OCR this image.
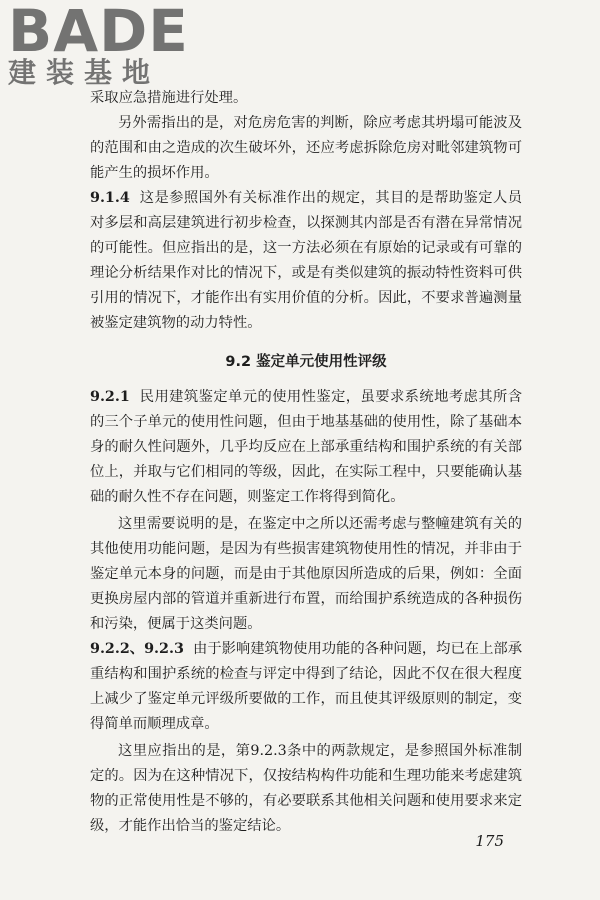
BADE
建装基地

采取应急措施进行处理。

另外需指出的是，对危房危害的判断，除应考虑其坍塌可能波及的范围和由之造成的次生破坏外，还应考虑拆除危房对毗邻建筑物可能产生的损坏作用。

9.1.4 这是参照国外有关标准作出的规定，其目的是帮助鉴定人员对多层和高层建筑进行初步检查，以探测其内部是否有潜在异常情况的可能性。但应指出的是，这一方法必须在有原始的记录或有可靠的理论分析结果作对比的情况下，或是有类似建筑的振动特性资料可供引用的情况下，才能作出有实用价值的分析。因此，不要求普遍测量被鉴定建筑物的动力特性。

9.2 鉴定单元使用性评级

9.2.1 民用建筑鉴定单元的使用性鉴定，虽要求系统地考虑其所含的三个子单元的使用性问题，但由于地基基础的使用性，除了基础本身的耐久性问题外，几乎均反应在上部承重结构和围护系统的有关部位上，并取与它们相同的等级，因此，在实际工程中，只要能确认基础的耐久性不存在问题，则鉴定工作将得到简化。

这里需要说明的是，在鉴定中之所以还需考虑与整幢建筑有关的其他使用功能问题，是因为有些损害建筑物使用性的情况，并非由于鉴定单元本身的问题，而是由于其他原因所造成的后果，例如：全面更换房屋内部的管道并重新进行布置，而给围护系统造成的各种损伤和污染，便属于这类问题。

9.2.2、9.2.3 由于影响建筑物使用功能的各种问题，均已在上部承重结构和围护系统的检查与评定中得到了结论，因此不仅在很大程度上减少了鉴定单元评级所要做的工作，而且使其评级原则的制定，变得简单而顺理成章。

这里应指出的是，第9.2.3条中的两款规定，是参照国外标准制定的。因为在这种情况下，仅按结构构件功能和生理功能来考虑建筑物的正常使用性是不够的，有必要联系其他相关问题和使用要求来定级，才能作出恰当的鉴定结论。

175
